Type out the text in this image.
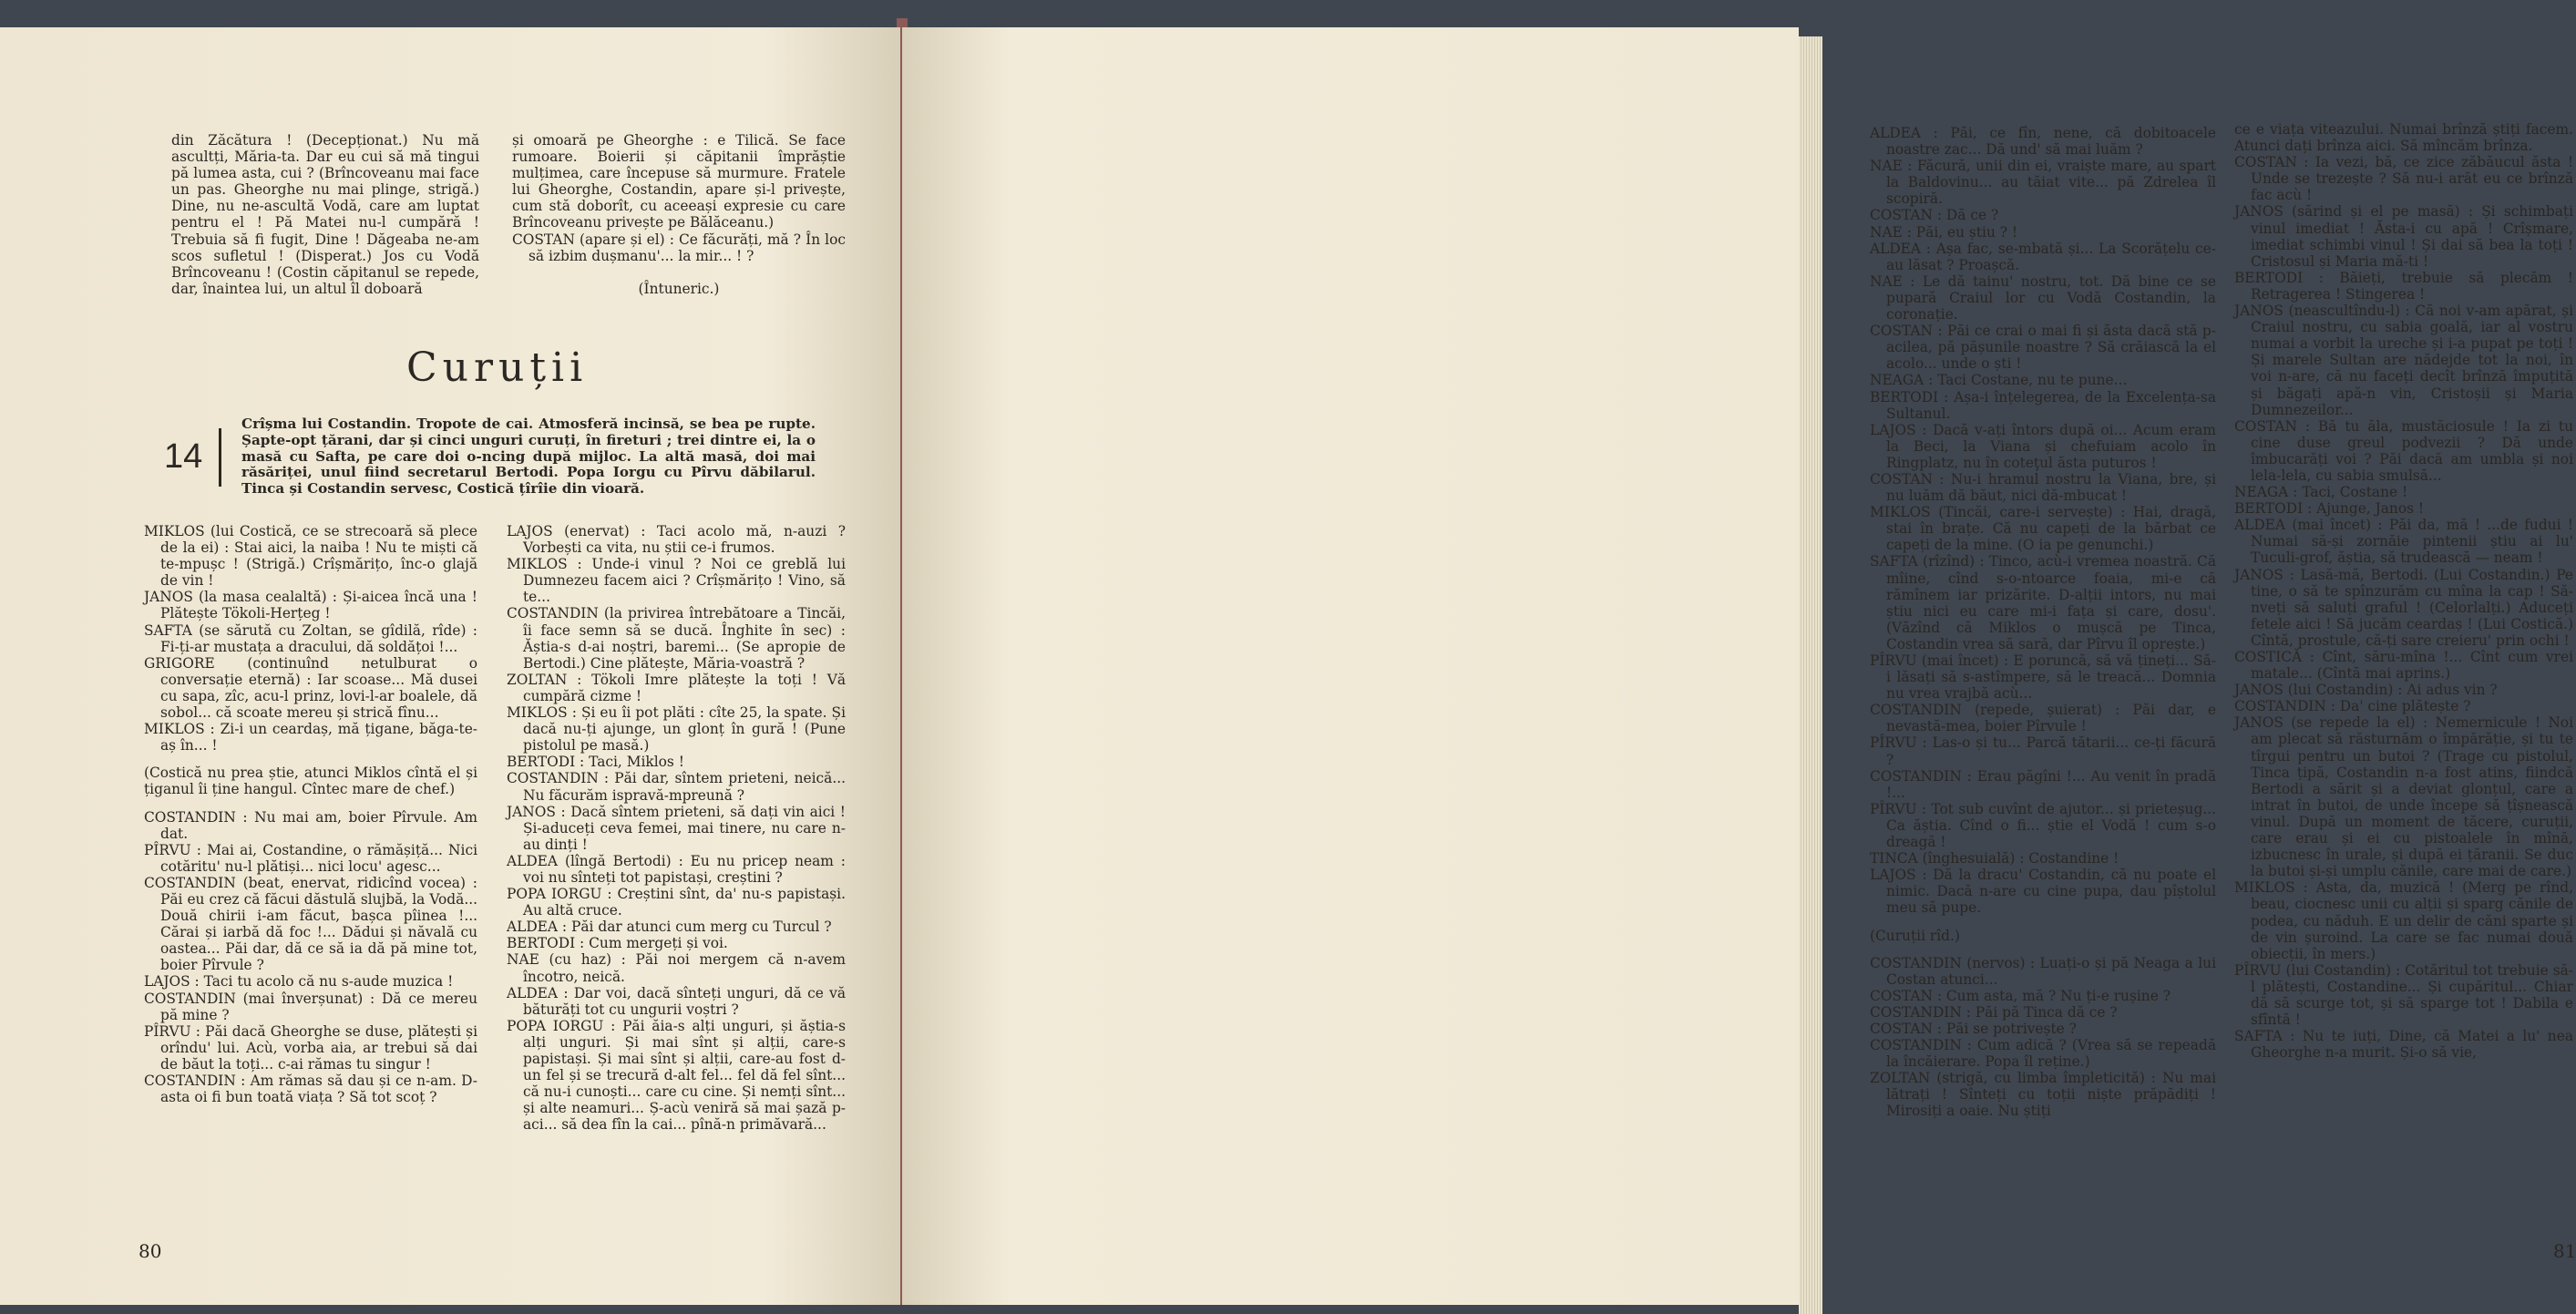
din Zăcătura ! (Decepționat.) Nu mă ascultți, Măria-ta. Dar eu cui să mă tingui pă lumea asta, cui ? (Brîncoveanu mai face un pas. Gheorghe nu mai plinge, strigă.) Dine, nu ne-ascultă Vodă, care am luptat pentru el ! Pă Matei nu-l cumpără ! Trebuia să fi fugit, Dine ! Dăgeaba ne-am scos sufletul ! (Disperat.) Jos cu Vodă Brîncoveanu ! (Costin căpitanul se repede, dar, înaintea lui, un altul îl doboară

și omoară pe Gheorghe : e Tilică. Se face rumoare. Boierii și căpitanii împrăștie mulțimea, care începuse să murmure. Fratele lui Gheorghe, Costandin, apare și-l privește, cum stă doborît, cu aceeași expresie cu care Brîncoveanu privește pe Bălăceanu.)

COSTAN (apare și el) : Ce făcurăți, mă ? În loc să izbim dușmanu'... la mir... ! ?

(Întuneric.)

Curuții
14
Crîșma lui Costandin. Tropote de cai. Atmosferă incinsă, se bea pe rupte. Șapte-opt țărani, dar și cinci unguri curuți, în fireturi ; trei dintre ei, la o masă cu Safta, pe care doi o-ncing după mijloc. La altă masă, doi mai răsăriței, unul fiind secretarul Bertodi. Popa Iorgu cu Pîrvu dăbilarul. Tinca și Costandin servesc, Costică țîrîie din vioară.

MIKLOS (lui Costică, ce se strecoară să plece de la ei) : Stai aici, la naiba ! Nu te miști că te-mpușc ! (Strigă.) Crîșmărițo, înc-o glajă de vin !

JANOS (la masa cealaltă) : Și-aicea încă una ! Plătește Tökoli-Herțeg !

SAFTA (se sărută cu Zoltan, se gîdilă, rîde) : Fi-ți-ar mustața a dracului, dă soldățoi !...

GRIGORE (continuînd netulburat o conversație eternă) : Iar scoase... Mă dusei cu sapa, zîc, acu-l prinz, lovi-l-ar boalele, dă sobol... că scoate mereu și strică fînu...

MIKLOS : Zi-i un ceardaș, mă țigane, băga-te-aș în... !

(Costică nu prea știe, atunci Miklos cîntă el și țiganul îi ține hangul. Cîntec mare de chef.)

COSTANDIN : Nu mai am, boier Pîrvule. Am dat.

PÎRVU : Mai ai, Costandine, o rămășiță... Nici cotăritu' nu-l plătiși... nici locu' agesc...

COSTANDIN (beat, enervat, ridicînd vocea) : Păi eu crez că făcui dăstulă slujbă, la Vodă... Două chirii i-am făcut, bașca pîinea !... Cărai și iarbă dă foc !... Dădui și năvală cu oastea... Păi dar, dă ce să ia dă pă mine tot, boier Pîrvule ?

LAJOS : Taci tu acolo că nu s-aude muzica !

COSTANDIN (mai înverșunat) : Dă ce mereu pă mine ?

PÎRVU : Păi dacă Gheorghe se duse, plătești și orîndu' lui. Acù, vorba aia, ar trebui să dai de băut la toți... c-ai rămas tu singur !

COSTANDIN : Am rămas să dau și ce n-am. D-asta oi fi bun toată viața ? Să tot scoț ?

LAJOS (enervat) : Taci acolo mă, n-auzi ? Vorbești ca vita, nu știi ce-i frumos.

MIKLOS : Unde-i vinul ? Noi ce greblă lui Dumnezeu facem aici ? Crîșmărițo ! Vino, să te...

COSTANDIN (la privirea întrebătoare a Tincăi, îi face semn să se ducă. Înghite în sec) : Ăștia-s d-ai noștri, baremi... (Se apropie de Bertodi.) Cine plătește, Măria-voastră ?

ZOLTAN : Tökoli Imre plătește la toți ! Vă cumpără cizme !

MIKLOS : Și eu îi pot plăti : cîte 25, la spate. Și dacă nu-ți ajunge, un glonț în gură ! (Pune pistolul pe masă.)

BERTODI : Taci, Miklos !

COSTANDIN : Păi dar, sîntem prieteni, neică... Nu făcurăm ispravă-mpreună ?

JANOS : Dacă sîntem prieteni, să dați vin aici ! Și-aduceți ceva femei, mai tinere, nu care n-au dinți !

ALDEA (lîngă Bertodi) : Eu nu pricep neam : voi nu sînteți tot papistași, creștini ?

POPA IORGU : Creștini sînt, da' nu-s papistași. Au altă cruce.

ALDEA : Păi dar atunci cum merg cu Turcul ?

BERTODI : Cum mergeți și voi.

NAE (cu haz) : Păi noi mergem că n-avem încotro, neică.

ALDEA : Dar voi, dacă sînteți unguri, dă ce vă băturăți tot cu ungurii voștri ?

POPA IORGU : Păi ăia-s alți unguri, și ăștia-s alți unguri. Și mai sînt și alții, care-s papistași. Și mai sînt și alții, care-au fost d-un fel și se trecură d-alt fel... fel dă fel sînt... că nu-i cunoști... care cu cine. Și nemți sînt... și alte neamuri... Ș-acù veniră să mai șază p-aci... să dea fîn la cai... pînă-n primăvară...

80

ALDEA : Păi, ce fîn, nene, că dobitoacele noastre zac... Dă und' să mai luăm ?

NAE : Făcură, unii din ei, vraiște mare, au spart la Baldovinu... au tăiat vite... pă Zdrelea îl scopiră.

COSTAN : Dă ce ?

NAE : Păi, eu știu ? !

ALDEA : Așa fac, se-mbată și... La Scorățelu ce-au lăsat ? Proașcă.

NAE : Le dă tainu' nostru, tot. Dă bine ce se pupară Craiul lor cu Vodă Costandin, la coronație.

COSTAN : Păi ce crai o mai fi și ăsta dacă stă p-acilea, pă pășunile noastre ? Să crăiască la el acolo... unde o ști !

NEAGA : Taci Costane, nu te pune...

BERTODI : Așa-i înțelegerea, de la Excelența-sa Sultanul.

LAJOS : Dacă v-ați întors după oi... Acum eram la Beci, la Viana și chefuiam acolo în Ringplatz, nu în coteţul ăsta puturos !

COSTAN : Nu-i hramul nostru la Viana, bre, și nu luăm dă băut, nici dă-mbucat !

MIKLOS (Tincăi, care-i servește) : Hai, dragă, stai în brațe. Că nu capeți de la bărbat ce capeți de la mine. (O ia pe genunchi.)

SAFTA (rîzînd) : Tinco, acù-i vremea noastră. Că mîine, cînd s-o-ntoarce foaia, mi-e că rămînem iar prizărite. D-alții intors, nu mai știu nici eu care mi-i fața și care, dosu'. (Văzînd că Miklos o mușcă pe Tinca, Costandin vrea să sară, dar Pîrvu îl oprește.)

PÎRVU (mai încet) : E poruncă, să vă țineți... Să-i lăsați să s-astîmpere, să le treacă... Domnia nu vrea vrajbă acù...

COSTANDIN (repede, șuierat) : Păi dar, e nevastă-mea, boier Pîrvule !

PÎRVU : Las-o și tu... Parcă tătarii... ce-ți făcură ?

COSTANDIN : Erau păgîni !... Au venit în pradă !...

PÎRVU : Tot sub cuvînt de ajutor... și prieteșug... Ca ăștia. Cînd o fi... știe el Vodă ! cum s-o dreagă !

TINCA (înghesuială) : Costandine !

LAJOS : Dă la dracu' Costandin, că nu poate el nimic. Dacă n-are cu cine pupa, dau pîștolul meu să pupe.

(Curuții rîd.)

COSTANDIN (nervos) : Luați-o și pă Neaga a lui Costan atunci...

COSTAN : Cum asta, mă ? Nu ți-e rușine ?

COSTANDIN : Păi pă Tinca dă ce ?

COSTAN : Păi se potrivește ?

COSTANDIN : Cum adică ? (Vrea să se repeadă la încăierare. Popa îl reține.)

ZOLTAN (strigă, cu limba împleticită) : Nu mai lătrați ! Sînteți cu toții niște prăpădiți ! Mirosiți a oaie. Nu știți

ce e viața viteazului. Numai brînză știți facem. Atunci dați brînza aici. Să mîncăm brînza.

COSTAN : Ia vezi, bă, ce zice zăbăucul ăsta ! Unde se trezește ? Să nu-i arăt eu ce brînză fac acù !

JANOS (sărind și el pe masă) : Și schimbați vinul imediat ! Ăsta-i cu apă ! Crîșmare, imediat schimbi vinul ! Și dai să bea la toți ! Cristosul și Maria mă-ti !

BERTODI : Băieți, trebuie să plecăm ! Retragerea ! Stingerea !

JANOS (neascultîndu-l) : Că noi v-am apărat, și Craiul nostru, cu sabia goală, iar al vostru numai a vorbit la ureche și i-a pupat pe toți ! Și marele Sultan are nădejde tot la noi, în voi n-are, că nu faceți decît brînză împuțită și băgați apă-n vin, Cristoșii și Maria Dumnezeilor...

COSTAN : Bă tu ăla, mustăciosule ! Ia zi tu cine duse greul podvezii ? Dă unde îmbucarăți voi ? Păi dacă am umbla și noi lela-lela, cu sabia smulsă...

NEAGA : Taci, Costane !

BERTODI : Ajunge, Janos !

ALDEA (mai încet) : Păi da, mă ! ...de fudui ! Numai să-și zornăie pintenii știu ai lu' Tuculi-grof, ăștia, să trudească — neam !

JANOS : Lasă-mă, Bertodi. (Lui Costandin.) Pe tine, o să te spînzurăm cu mîna la cap ! Să-nveți să saluți graful ! (Celorlalți.) Aduceți fetele aici ! Să jucăm ceardaș ! (Lui Costică.) Cîntă, prostule, că-ți sare creieru' prin ochi !

COSTICĂ : Cînt, săru-mîna !... Cînt cum vrei matale... (Cîntă mai aprins.)

JANOS (lui Costandin) : Ai adus vin ?

COSTANDIN : Da' cine plătește ?

JANOS (se repede la el) : Nemernicule ! Noi am plecat să răsturnăm o împărăție, și tu te tîrgui pentru un butoi ? (Trage cu pistolul, Tinca țipă, Costandin n-a fost atins, fiindcă Bertodi a sărit și a deviat glonțul, care a intrat în butoi, de unde începe să țîșnească vinul. După un moment de tăcere, curuții, care erau și ei cu pistoalele în mînă, izbucnesc în urale, și după ei țăranii. Se duc la butoi și-și umplu cănile, care mai de care.)

MIKLOS : Asta, da, muzică ! (Merg pe rînd, beau, ciocnesc unii cu alții și sparg cănile de podea, cu năduh. E un delir de căni sparte și de vin șuroind. La care se fac numai două obiecții, în mers.)

PÎRVU (lui Costandin) : Cotăritul tot trebuie să-l plătești, Costandine... Și cupăritul... Chiar dă să scurge tot, și să sparge tot ! Dabila e sfîntă !

SAFTA : Nu te iuți, Dine, că Matei a lu' nea Gheorghe n-a murit. Și-o să vie,

81
